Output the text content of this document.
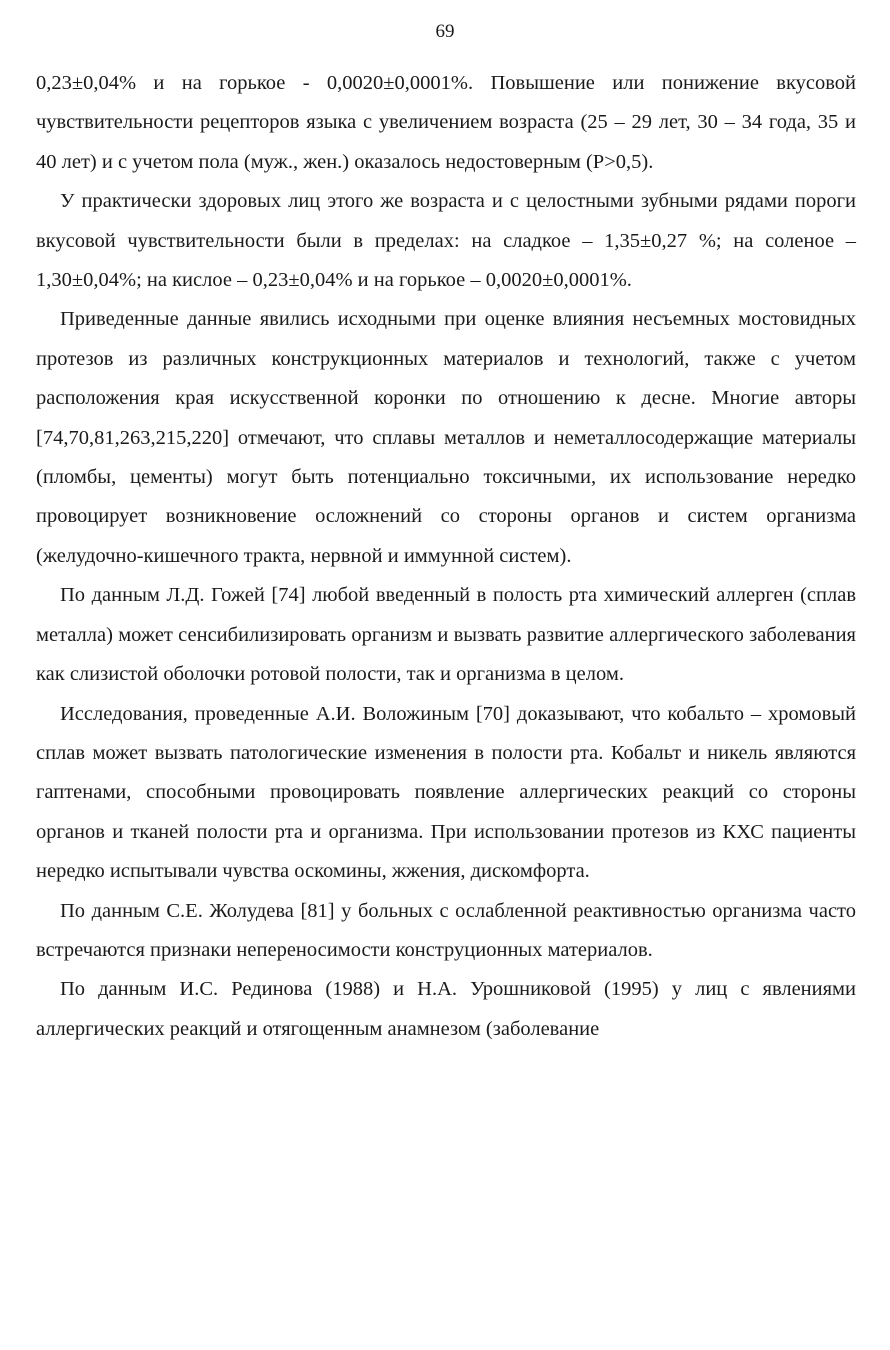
69

0,23±0,04% и на горькое - 0,0020±0,0001%. Повышение или понижение вкусовой чувствительности рецепторов языка с увеличением возраста (25 – 29 лет, 30 – 34 года, 35 и 40 лет) и с учетом пола (муж., жен.) оказалось недостоверным (P>0,5).

У практически здоровых лиц этого же возраста и с целостными зубными рядами пороги вкусовой чувствительности были в пределах: на сладкое – 1,35±0,27 %; на соленое – 1,30±0,04%; на кислое – 0,23±0,04% и на горькое – 0,0020±0,0001%.

Приведенные данные явились исходными при оценке влияния несъемных мостовидных протезов из различных конструкционных материалов и технологий, также с учетом расположения края искусственной коронки по отношению к десне. Многие авторы [74,70,81,263,215,220] отмечают, что сплавы металлов и неметаллосодержащие материалы (пломбы, цементы) могут быть потенциально токсичными, их использование нередко провоцирует возникновение осложнений со стороны органов и систем организма (желудочно-кишечного тракта, нервной и иммунной систем).

По данным Л.Д. Гожей [74] любой введенный в полость рта химический аллерген (сплав металла) может сенсибилизировать организм и вызвать развитие аллергического заболевания как слизистой оболочки ротовой полости, так и организма в целом.

Исследования, проведенные А.И. Воложиным [70] доказывают, что кобальто – хромовый сплав может вызвать патологические изменения в полости рта. Кобальт и никель являются гаптенами, способными провоцировать появление аллергических реакций со стороны органов и тканей полости рта и организма. При использовании протезов из КХС пациенты нередко испытывали чувства оскомины, жжения, дискомфорта.

По данным С.Е. Жолудева [81] у больных с ослабленной реактивностью организма часто встречаются признаки непереносимости конструционных материалов.

По данным И.С. Рединова (1988) и Н.А. Урошниковой (1995) у лиц с явлениями аллергических реакций и отягощенным анамнезом (заболевание
